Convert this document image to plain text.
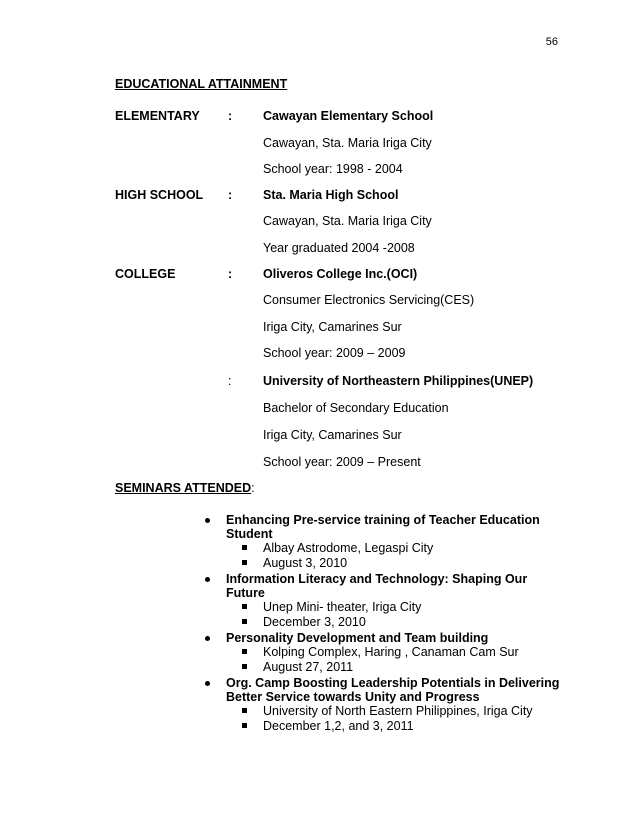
56
EDUCATIONAL ATTAINMENT
ELEMENTARY : Cawayan Elementary School
Cawayan, Sta. Maria Iriga City
School year: 1998 - 2004
HIGH SCHOOL : Sta. Maria High School
Cawayan, Sta. Maria Iriga City
Year graduated 2004 -2008
COLLEGE	: Oliveros College Inc.(OCI)
Consumer Electronics Servicing(CES)
Iriga City, Camarines Sur
School year: 2009 – 2009
:	University of Northeastern Philippines(UNEP)
Bachelor of Secondary Education
Iriga City, Camarines Sur
School year: 2009 – Present
SEMINARS ATTENDED:
Enhancing Pre-service training of Teacher Education
Student
Albay Astrodome, Legaspi City
August 3, 2010
Information Literacy and Technology: Shaping Our
Future
Unep Mini- theater, Iriga City
December 3, 2010
Personality Development and Team building
Kolping Complex, Haring , Canaman Cam Sur
August 27, 2011
Org. Camp Boosting Leadership Potentials in Delivering
Better Service towards Unity and Progress
University of North Eastern Philippines, Iriga City
December 1,2, and 3, 2011
